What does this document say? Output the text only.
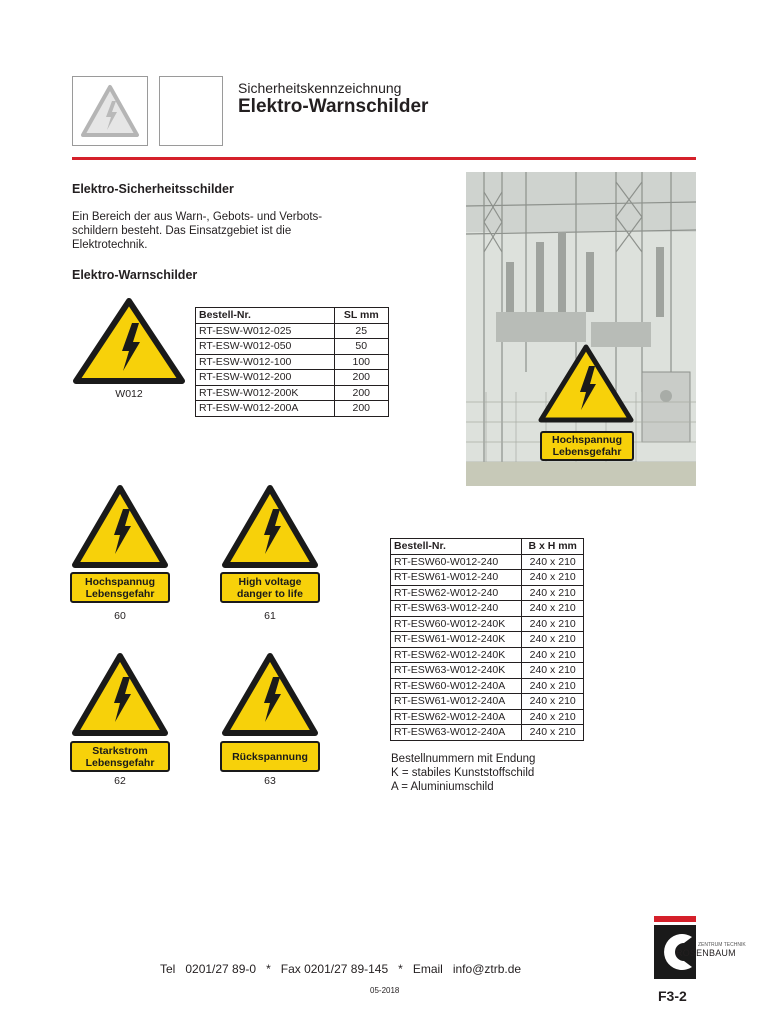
Sicherheitskennzeichnung
Elektro-Warnschilder
Elektro-Sicherheitsschilder
Ein Bereich der aus Warn-, Gebots- und Verbots-
schildern besteht. Das Einsatzgebiet ist die
Elektrotechnik.
Elektro-Warnschilder
W012
Bestell-Nr.	SL mm
RT-ESW-W012-025	25
RT-ESW-W012-050	50
RT-ESW-W012-100	100
RT-ESW-W012-200	200
RT-ESW-W012-200K	200
RT-ESW-W012-200A	200
Hochspannug
Lebensgefahr
Hochspannug
Lebensgefahr
60
High voltage
danger to life
61
Starkstrom
Lebensgefahr
62
Rückspannung
63
Bestell-Nr.	B x H mm
RT-ESW60-W012-240	240 x 210
RT-ESW61-W012-240	240 x 210
RT-ESW62-W012-240	240 x 210
RT-ESW63-W012-240	240 x 210
RT-ESW60-W012-240K	240 x 210
RT-ESW61-W012-240K	240 x 210
RT-ESW62-W012-240K	240 x 210
RT-ESW63-W012-240K	240 x 210
RT-ESW60-W012-240A	240 x 210
RT-ESW61-W012-240A	240 x 210
RT-ESW62-W012-240A	240 x 210
RT-ESW63-W012-240A	240 x 210
Bestellnummern mit Endung
K = stabiles Kunststoffschild
A = Aluminiumschild
Tel   0201/27 89-0   *   Fax 0201/27 89-145   *   Email   info@ztrb.de
05-2018
ZENTRUM TECHNIK
ROSENBAUM
F3-2
